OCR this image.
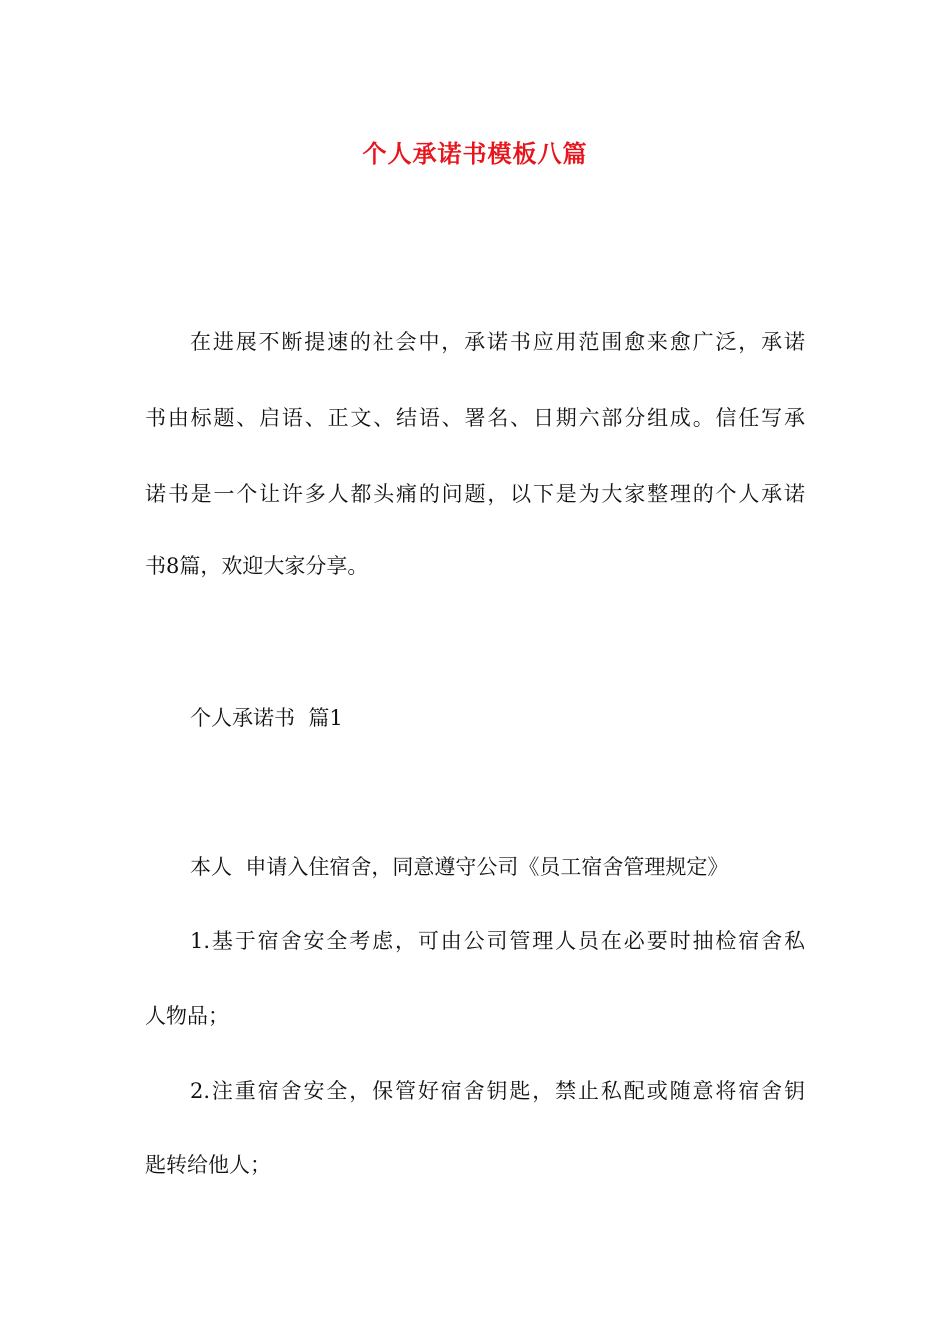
个人承诺书模板八篇

在进展不断提速的社会中，承诺书应用范围愈来愈广泛，承诺

书由标题、启语、正文、结语、署名、日期六部分组成。信任写承

诺书是一个让许多人都头痛的问题，以下是为大家整理的个人承诺

书8篇，欢迎大家分享。

个人承诺书  篇1

本人  申请入住宿舍，同意遵守公司《员工宿舍管理规定》

1.基于宿舍安全考虑，可由公司管理人员在必要时抽检宿舍私

人物品；

2.注重宿舍安全，保管好宿舍钥匙，禁止私配或随意将宿舍钥

匙转给他人；
